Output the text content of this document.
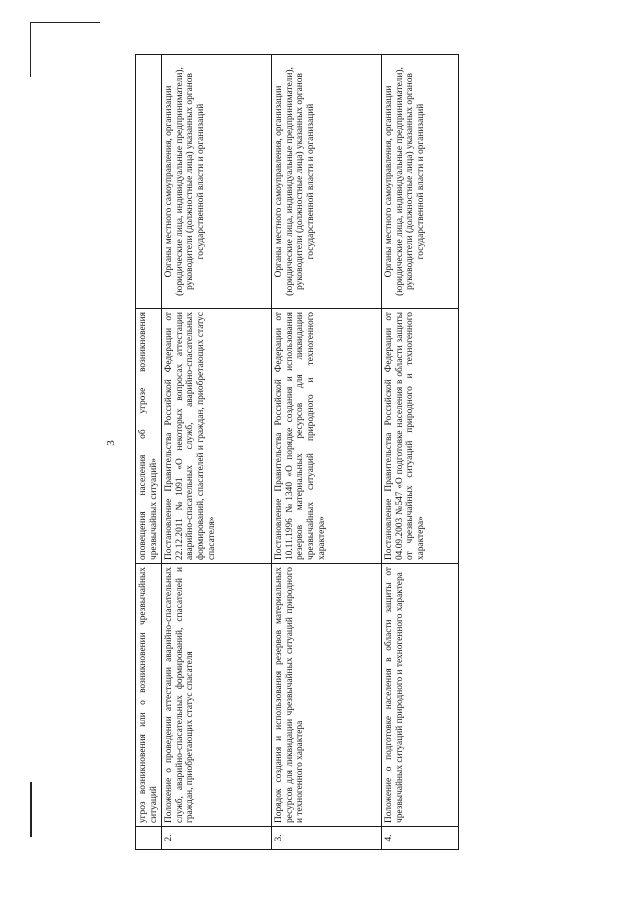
3
	угроз возникновения или о возникновении чрезвычайных ситуаций	оповещения населения об угрозе возникновения чрезвычайных ситуаций»	
2.	Положение о проведении аттестации аварийно-спасательных служб, аварийно-спасательных формирований, спасателей и граждан, приобретающих статус спасателя	Постановление Правительства Российской Федерации от 22.12.2011 №1091 «О некоторых вопросах аттестации аварийно-спасательных служб, аварийно-спасательных формирований, спасателей и граждан, приобретающих статус спасателя»	Органы местного самоуправления, организации (юридические лица, индивидуальные предприниматели), руководители (должностные лица) указанных органов государственной власти и организаций
3.	Порядок создания и использования резервов материальных ресурсов для ликвидации чрезвычайных ситуаций природного и техногенного характера	Постановление Правительства Российской Федерации от 10.11.1996 №1340 «О порядке создания и использования резервов материальных ресурсов для ликвидации чрезвычайных ситуаций природного и техногенного характера»	Органы местного самоуправления, организации (юридические лица, индивидуальные предприниматели), руководители (должностные лица) указанных органов государственной власти и организаций
4.	Положение о подготовке населения в области защиты от чрезвычайных ситуаций природного и техногенного характера	Постановление Правительства Российской Федерации от 04.09.2003 №547 «О подготовке населения в области защиты от чрезвычайных ситуаций природного и техногенного характера»	Органы местного самоуправления, организации (юридические лица, индивидуальные предприниматели), руководители (должностные лица) указанных органов государственной власти и организаций
